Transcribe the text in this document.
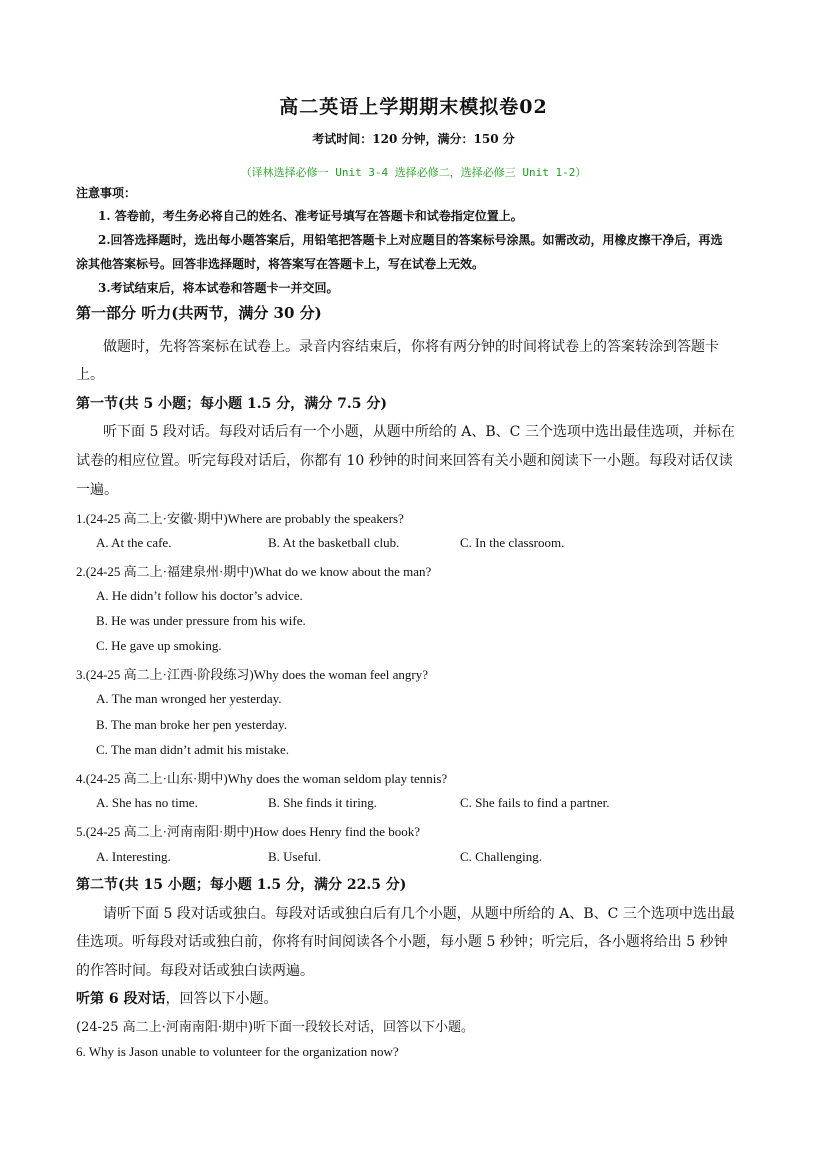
高二英语上学期期末模拟卷02
考试时间：120 分钟，满分：150 分
（译林选择必修一 Unit 3-4 选择必修二，选择必修三 Unit 1-2）
注意事项：
1. 答卷前，考生务必将自己的姓名、准考证号填写在答题卡和试卷指定位置上。
2.回答选择题时，选出每小题答案后，用铅笔把答题卡上对应题目的答案标号涂黑。如需改动，用橡皮擦干净后，再选
涂其他答案标号。回答非选择题时，将答案写在答题卡上，写在试卷上无效。
3.考试结束后，将本试卷和答题卡一并交回。
第一部分 听力(共两节，满分 30 分)
做题时，先将答案标在试卷上。录音内容结束后，你将有两分钟的时间将试卷上的答案转涂到答题卡
上。
第一节(共 5 小题；每小题 1.5 分，满分 7.5 分)
听下面 5 段对话。每段对话后有一个小题，从题中所给的 A、B、C 三个选项中选出最佳选项，并标在
试卷的相应位置。听完每段对话后，你都有 10 秒钟的时间来回答有关小题和阅读下一小题。每段对话仅读
一遍。
1.(24-25 高二上·安徽·期中)Where are probably the speakers?
A. At the cafe.	B. At the basketball club.	C. In the classroom.
2.(24-25 高二上·福建泉州·期中)What do we know about the man?
A. He didn’t follow his doctor’s advice.
B. He was under pressure from his wife.
C. He gave up smoking.
3.(24-25 高二上·江西·阶段练习)Why does the woman feel angry?
A. The man wronged her yesterday.
B. The man broke her pen yesterday.
C. The man didn’t admit his mistake.
4.(24-25 高二上·山东·期中)Why does the woman seldom play tennis?
A. She has no time.	B. She finds it tiring.	C. She fails to find a partner.
5.(24-25 高二上·河南南阳·期中)How does Henry find the book?
A. Interesting.	B. Useful.	C. Challenging.
第二节(共 15 小题；每小题 1.5 分，满分 22.5 分)
请听下面 5 段对话或独白。每段对话或独白后有几个小题，从题中所给的 A、B、C 三个选项中选出最
佳选项。听每段对话或独白前，你将有时间阅读各个小题，每小题 5 秒钟；听完后，各小题将给出 5 秒钟
的作答时间。每段对话或独白读两遍。
听第 6 段对话，回答以下小题。
(24-25 高二上·河南南阳·期中)听下面一段较长对话，回答以下小题。
6. Why is Jason unable to volunteer for the organization now?
